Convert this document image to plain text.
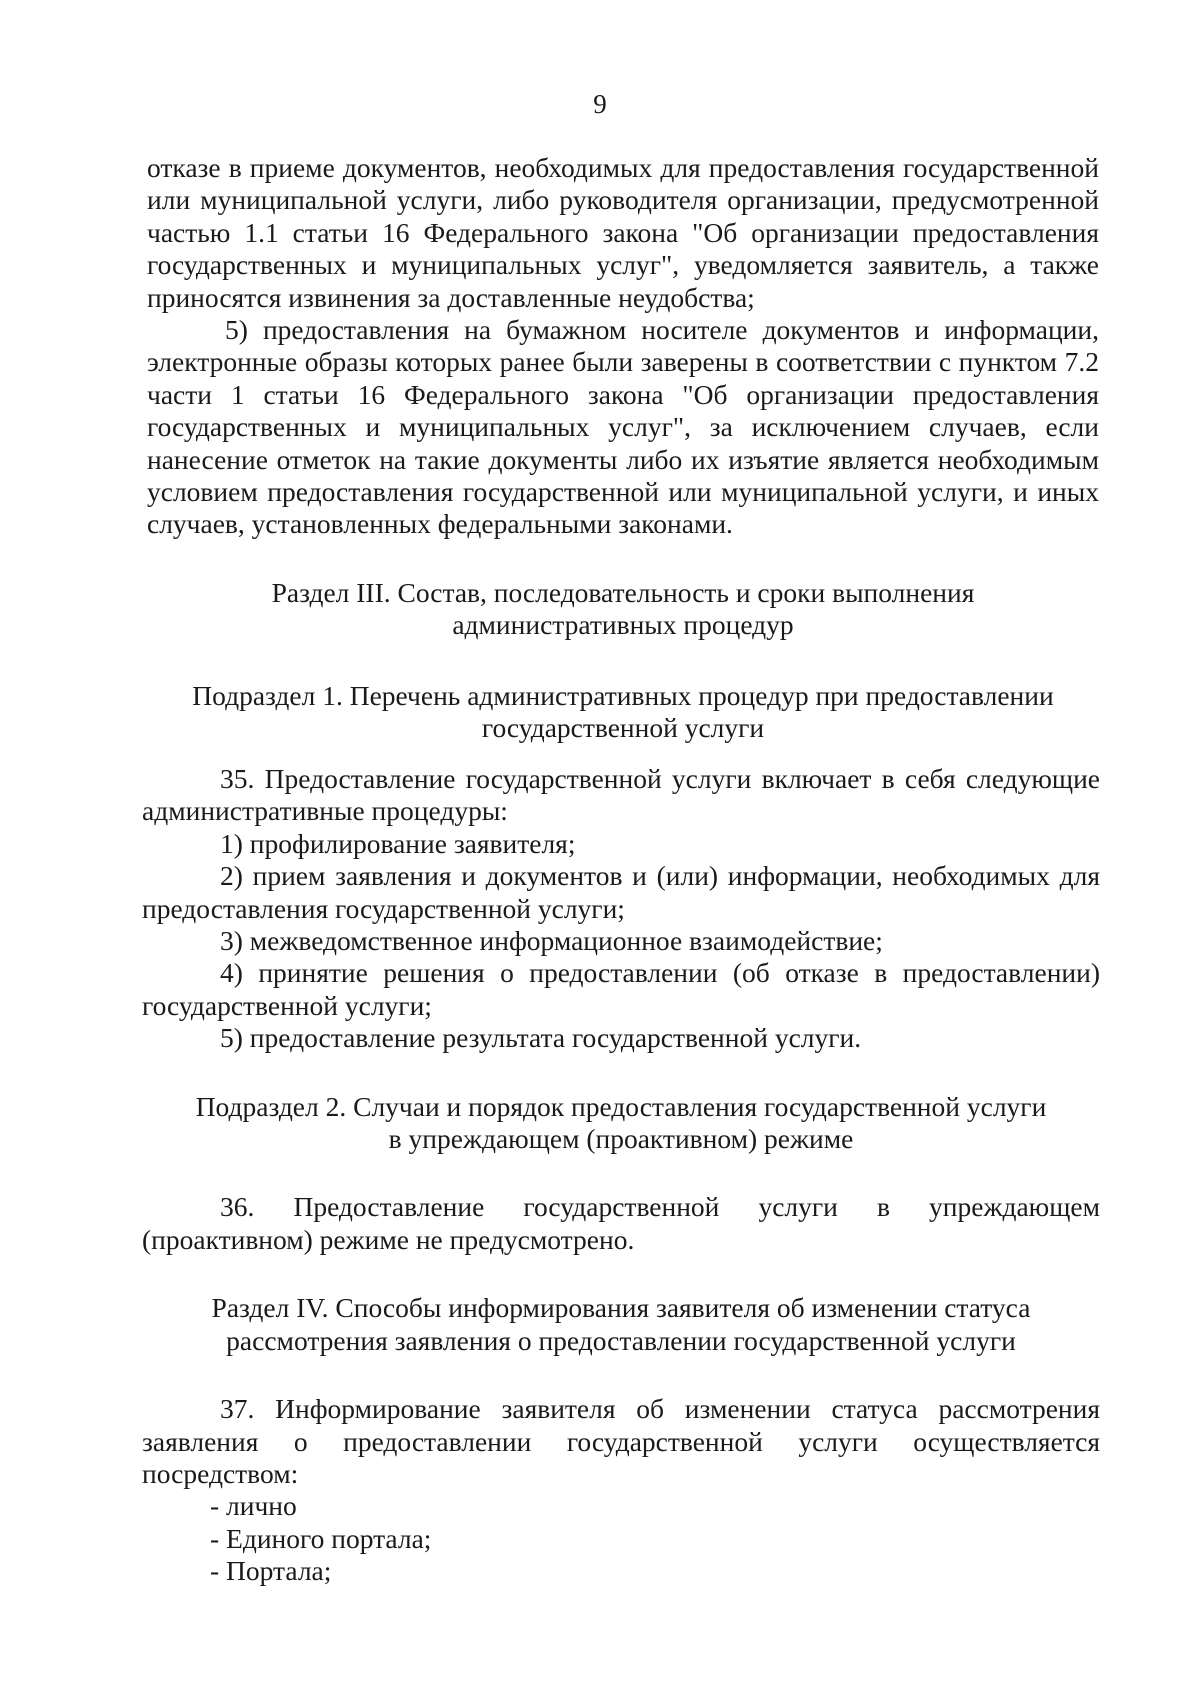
9

отказе в приеме документов, необходимых для предоставления государственной или муниципальной услуги, либо руководителя организации, предусмотренной частью 1.1 статьи 16 Федерального закона "Об организации предоставления государственных и муниципальных услуг", уведомляется заявитель, а также приносятся извинения за доставленные неудобства;

5) предоставления на бумажном носителе документов и информации, электронные образы которых ранее были заверены в соответствии с пунктом 7.2 части 1 статьи 16 Федерального закона "Об организации предоставления государственных и муниципальных услуг", за исключением случаев, если нанесение отметок на такие документы либо их изъятие является необходимым условием предоставления государственной или муниципальной услуги, и иных случаев, установленных федеральными законами.

Раздел III. Состав, последовательность и сроки выполнения
административных процедур
Подраздел 1. Перечень административных процедур при предоставлении
государственной услуги

35. Предоставление государственной услуги включает в себя следующие административные процедуры:

1) профилирование заявителя;

2) прием заявления и документов и (или) информации, необходимых для предоставления государственной услуги;

3) межведомственное информационное взаимодействие;

4) принятие решения о предоставлении (об отказе в предоставлении) государственной услуги;

5) предоставление результата государственной услуги.

Подраздел 2. Случаи и порядок предоставления государственной услуги
в упреждающем (проактивном) режиме

36. Предоставление государственной услуги в упреждающем (проактивном) режиме не предусмотрено.

Раздел IV. Способы информирования заявителя об изменении статуса
рассмотрения заявления о предоставлении государственной услуги

37. Информирование заявителя об изменении статуса рассмотрения заявления о предоставлении государственной услуги осуществляется посредством:

- лично

- Единого портала;

- Портала;
